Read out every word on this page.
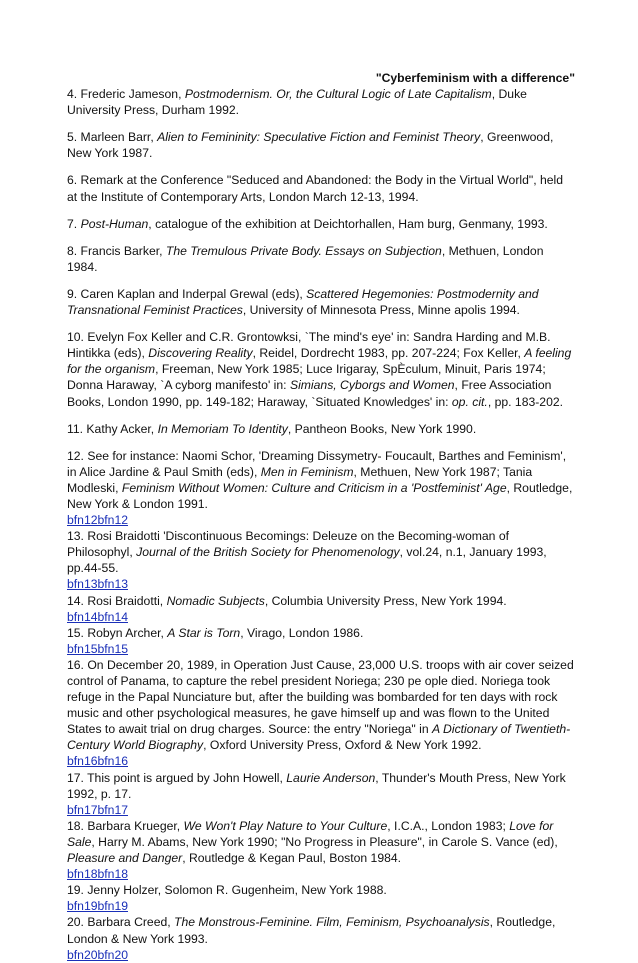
"Cyberfeminism with a difference"

4. Frederic Jameson, Postmodernism. Or, the Cultural Logic of Late Capitalism, Duke University Press, Durham 1992.

5. Marleen Barr, Alien to Femininity: Speculative Fiction and Feminist Theory, Greenwood, New York 1987.

6. Remark at the Conference "Seduced and Abandoned: the Body in the Virtual World", held at the Institute of Contemporary Arts, London March 12-13, 1994.

7. Post-Human, catalogue of the exhibition at Deichtorhallen, Ham burg, Genmany, 1993.

8. Francis Barker, The Tremulous Private Body. Essays on Subjection, Methuen, London 1984.

9. Caren Kaplan and Inderpal Grewal (eds), Scattered Hegemonies: Postmodernity and Transnational Feminist Practices, University of Minnesota Press, Minne apolis 1994.

10. Evelyn Fox Keller and C.R. Grontowksi, `The mind's eye' in: Sandra Harding and M.B. Hintikka (eds), Discovering Reality, Reidel, Dordrecht 1983, pp. 207-224; Fox Keller, A feeling for the organism, Freeman, New York 1985; Luce Irigaray, SpÈculum, Minuit, Paris 1974; Donna Haraway, `A cyborg manifesto' in: Simians, Cyborgs and Women, Free Association Books, London 1990, pp. 149-182; Haraway, `Situated Knowledges' in: op. cit., pp. 183-202.

11. Kathy Acker, In Memoriam To Identity, Pantheon Books, New York 1990.

12. See for instance: Naomi Schor, 'Dreaming Dissymetry- Foucault, Barthes and Feminism', in Alice Jardine & Paul Smith (eds), Men in Feminism, Methuen, New York 1987; Tania Modleski, Feminism Without Women: Culture and Criticism in a 'Postfeminist' Age, Routledge, New York & London 1991.

bfn12bfn12

13. Rosi Braidotti 'Discontinuous Becomings: Deleuze on the Becoming-woman of Philosophyl, Journal of the British Society for Phenomenology, vol.24, n.1, January 1993, pp.44-55.

bfn13bfn13

14. Rosi Braidotti, Nomadic Subjects, Columbia University Press, New York 1994.

bfn14bfn14

15. Robyn Archer, A Star is Torn, Virago, London 1986.

bfn15bfn15

16. On December 20, 1989, in Operation Just Cause, 23,000 U.S. troops with air cover seized control of Panama, to capture the rebel president Noriega; 230 pe ople died. Noriega took refuge in the Papal Nunciature but, after the building was bombarded for ten days with rock music and other psychological measures, he gave himself up and was flown to the United States to await trial on drug charges. Source: the entry "Noriega" in A Dictionary of Twentieth-Century World Biography, Oxford University Press, Oxford & New York 1992.

bfn16bfn16

17. This point is argued by John Howell, Laurie Anderson, Thunder's Mouth Press, New York 1992, p. 17.

bfn17bfn17

18. Barbara Krueger, We Won't Play Nature to Your Culture, I.C.A., London 1983; Love for Sale, Harry M. Abams, New York 1990; "No Progress in Pleasure", in Carole S. Vance (ed), Pleasure and Danger, Routledge & Kegan Paul, Boston 1984.

bfn18bfn18

19. Jenny Holzer, Solomon R. Gugenheim, New York 1988.

bfn19bfn19

20. Barbara Creed, The Monstrous-Feminine. Film, Feminism, Psychoanalysis, Routledge, London & New York 1993.

bfn20bfn20
